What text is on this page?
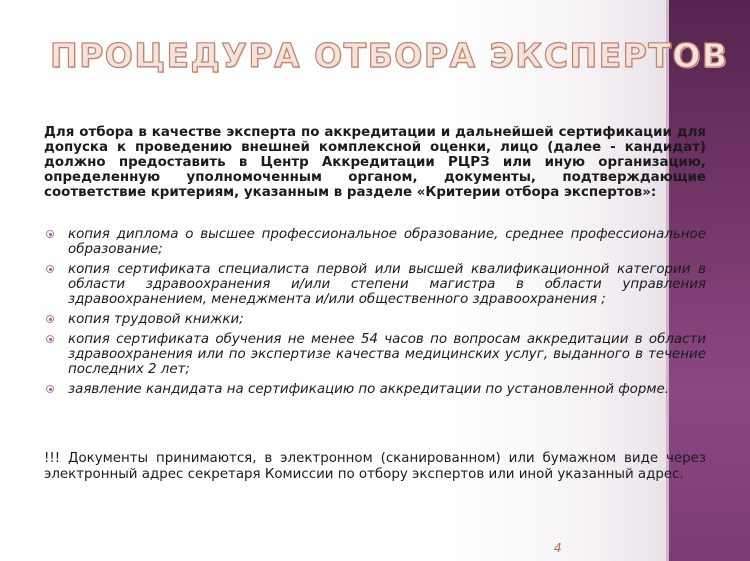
ПРОЦЕДУРА ОТБОРА ЭКСПЕРТОВ

Для отбора в качестве эксперта по аккредитации и дальнейшей сертификации для допуска к проведению внешней комплексной оценки, лицо (далее - кандидат) должно предоставить в Центр Аккредитации РЦРЗ или иную организацию, определенную уполномоченным органом, документы, подтверждающие соответствие критериям, указанным в разделе «Критерии отбора экспертов»:

копия диплома о высшее профессиональное образование, среднее профессиональное образование;
копия сертификата специалиста первой или высшей квалификационной категории в области здравоохранения и/или степени магистра в области управления здравоохранением, менеджмента и/или общественного здравоохранения ;
копия трудовой книжки;
копия сертификата обучения не менее 54 часов по вопросам аккредитации в области здравоохранения или по экспертизе качества медицинских услуг, выданного в течение последних 2 лет;
заявление кандидата на сертификацию по аккредитации по установленной форме.

!!! Документы принимаются, в электронном (сканированном) или бумажном виде через электронный адрес секретаря Комиссии по отбору экспертов или иной указанный адрес.

4
